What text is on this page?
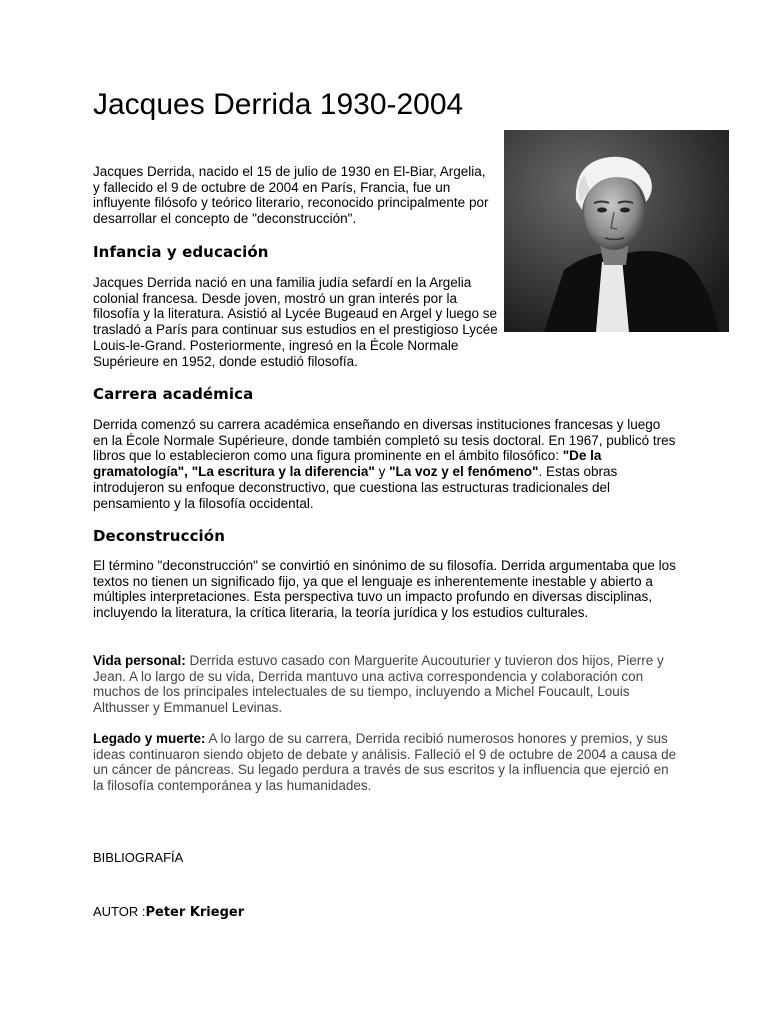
Jacques Derrida 1930-2004

Jacques Derrida, nacido el 15 de julio de 1930 en El-Biar, Argelia, y fallecido el 9 de octubre de 2004 en París, Francia, fue un influyente filósofo y teórico literario, reconocido principalmente por desarrollar el concepto de "deconstrucción".

Infancia y educación

Jacques Derrida nació en una familia judía sefardí en la Argelia colonial francesa. Desde joven, mostró un gran interés por la filosofía y la literatura. Asistió al Lycée Bugeaud en Argel y luego se trasladó a París para continuar sus estudios en el prestigioso Lycée Louis-le-Grand. Posteriormente, ingresó en la École Normale Supérieure en 1952, donde estudió filosofía.

Carrera académica

Derrida comenzó su carrera académica enseñando en diversas instituciones francesas y luego en la École Normale Supérieure, donde también completó su tesis doctoral. En 1967, publicó tres libros que lo establecieron como una figura prominente en el ámbito filosófico: "De la gramatología", "La escritura y la diferencia" y "La voz y el fenómeno". Estas obras introdujeron su enfoque deconstructivo, que cuestiona las estructuras tradicionales del pensamiento y la filosofía occidental.

Deconstrucción

El término "deconstrucción" se convirtió en sinónimo de su filosofía. Derrida argumentaba que los textos no tienen un significado fijo, ya que el lenguaje es inherentemente inestable y abierto a múltiples interpretaciones. Esta perspectiva tuvo un impacto profundo en diversas disciplinas, incluyendo la literatura, la crítica literaria, la teoría jurídica y los estudios culturales.

Vida personal: Derrida estuvo casado con Marguerite Aucouturier y tuvieron dos hijos, Pierre y Jean. A lo largo de su vida, Derrida mantuvo una activa correspondencia y colaboración con muchos de los principales intelectuales de su tiempo, incluyendo a Michel Foucault, Louis Althusser y Emmanuel Levinas.

Legado y muerte: A lo largo de su carrera, Derrida recibió numerosos honores y premios, y sus ideas continuaron siendo objeto de debate y análisis. Falleció el 9 de octubre de 2004 a causa de un cáncer de páncreas. Su legado perdura a través de sus escritos y la influencia que ejerció en la filosofía contemporánea y las humanidades.

BIBLIOGRAFÍA

AUTOR :Peter Krieger
